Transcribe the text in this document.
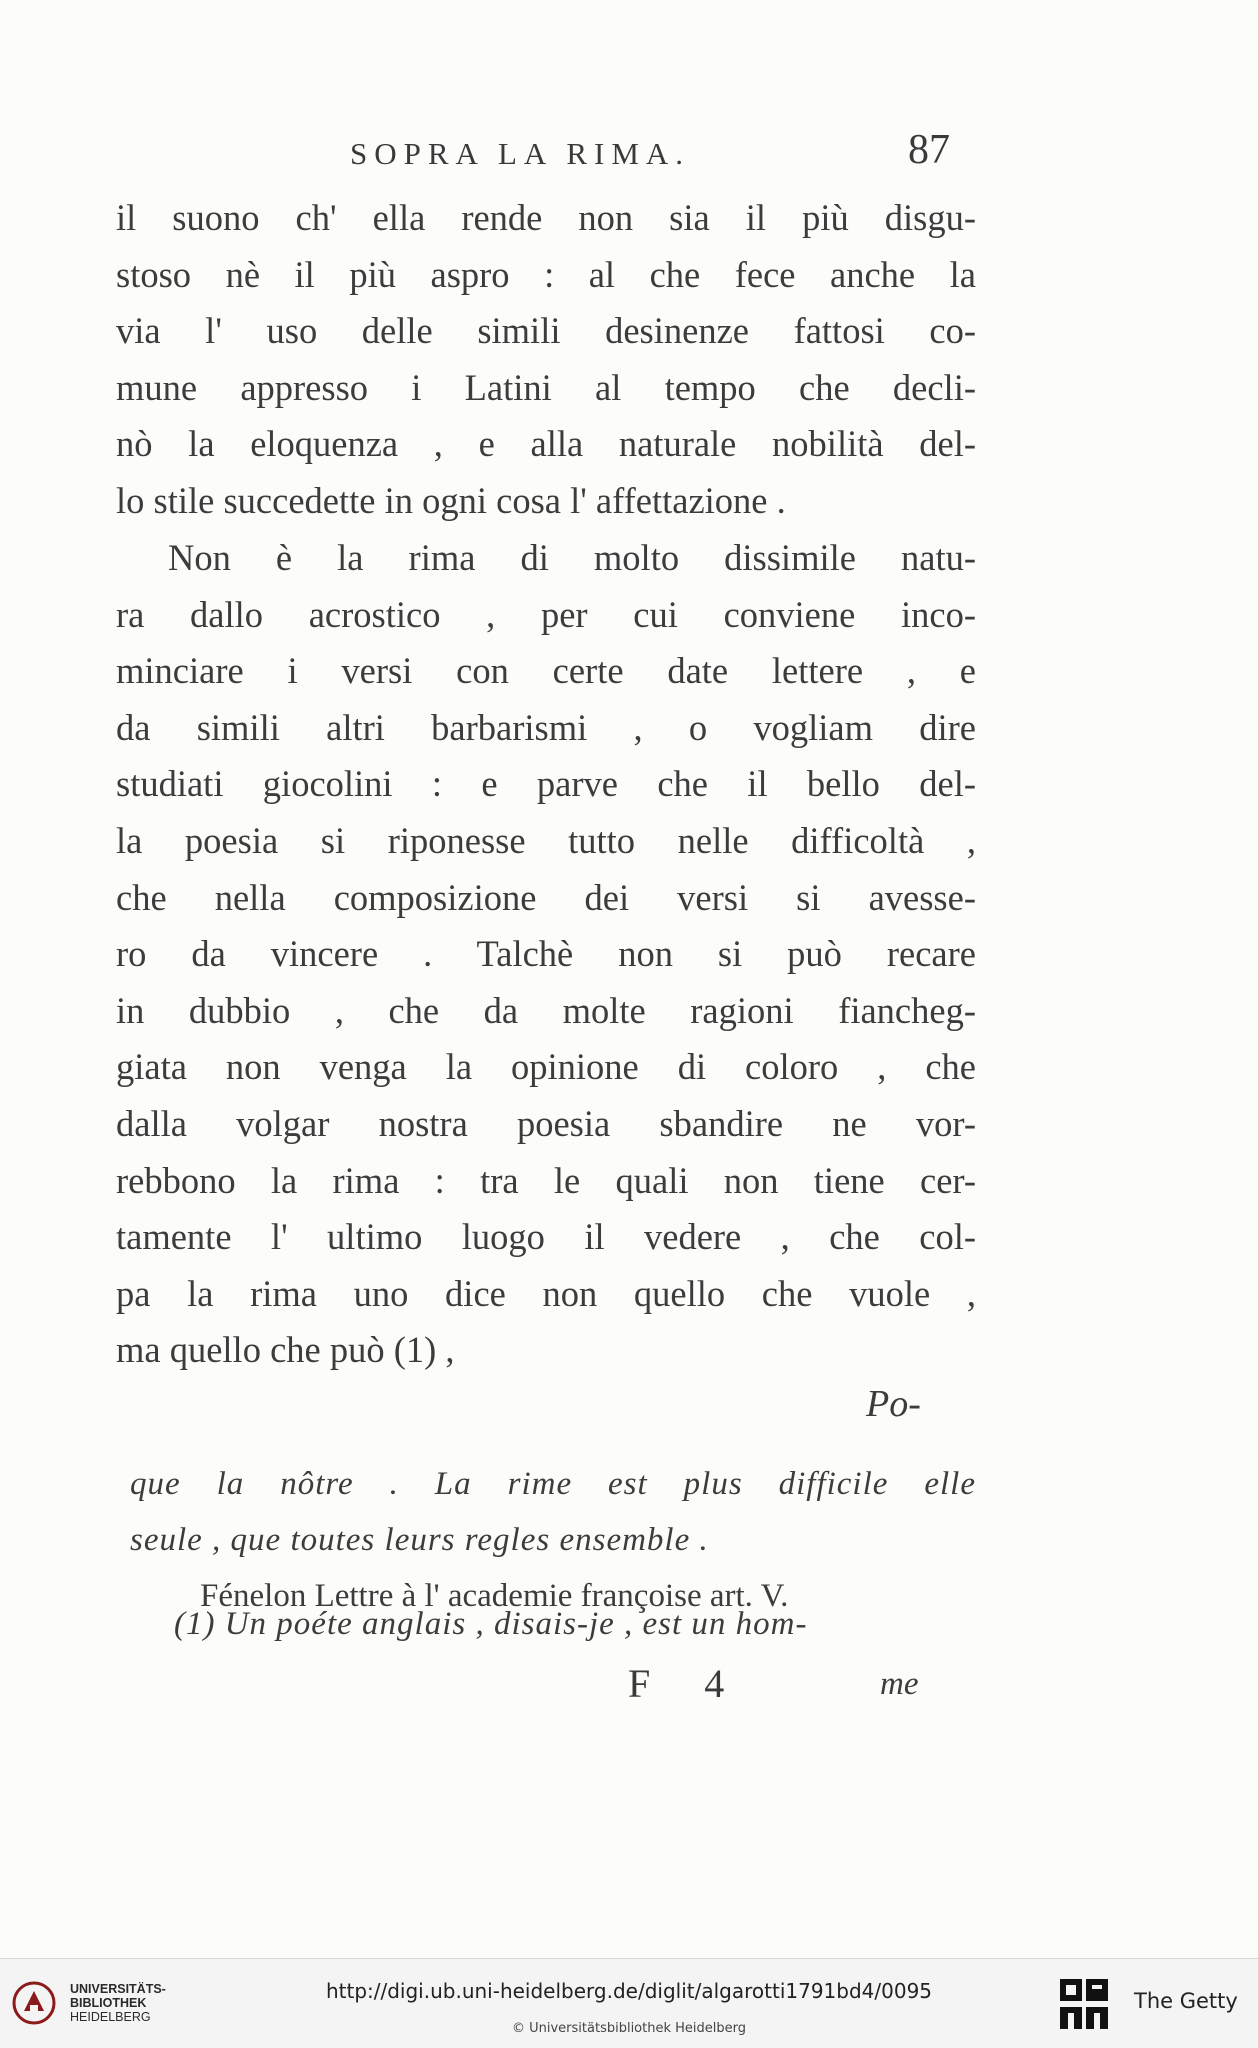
SOPRA LA RIMA.	87
il suono ch' ella rende non sia il più disgu-
stoso nè il più aspro : al che fece anche la
via l' uso delle simili desinenze fattosi co-
mune appresso i Latini al tempo che decli-
nò la eloquenza , e alla naturale nobilità del-
lo stile succedette in ogni cosa l' affettazione .
Non è la rima di molto dissimile natu-
ra dallo acrostico , per cui conviene inco-
minciare i versi con certe date lettere , e
da simili altri barbarismi , o vogliam dire
studiati giocolini : e parve che il bello del-
la poesia si riponesse tutto nelle difficoltà ,
che nella composizione dei versi si avesse-
ro da vincere . Talchè non si può recare
in dubbio , che da molte ragioni fiancheg-
giata non venga la opinione di coloro , che
dalla volgar nostra poesia sbandire ne vor-
rebbono la rima : tra le quali non tiene cer-
tamente l' ultimo luogo il vedere , che col-
pa la rima uno dice non quello che vuole ,
ma quello che può (1) ,
Po-
que la nôtre . La rime est plus difficile elle
seule , que toutes leurs regles ensemble .
Fénelon Lettre à l' academie françoise art. V.
(1) Un poéte anglais , disais-je , est un hom-
F 4	me
UNIVERSITÄTS-
BIBLIOTHEK
HEIDELBERG
http://digi.ub.uni-heidelberg.de/diglit/algarotti1791bd4/0095
© Universitätsbibliothek Heidelberg
The Getty
